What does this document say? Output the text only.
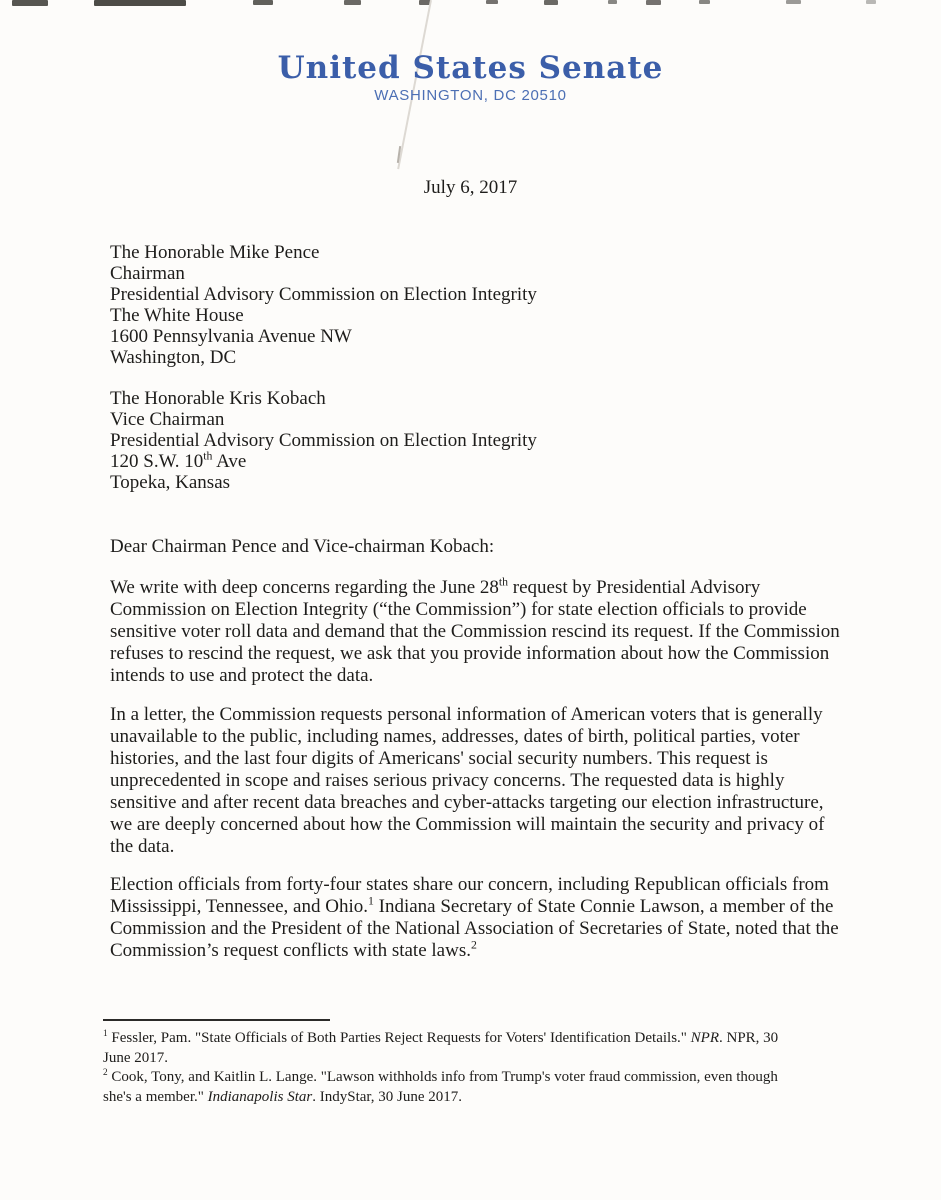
United States Senate
WASHINGTON, DC 20510
July 6, 2017
The Honorable Mike Pence
Chairman
Presidential Advisory Commission on Election Integrity
The White House
1600 Pennsylvania Avenue NW
Washington, DC
The Honorable Kris Kobach
Vice Chairman
Presidential Advisory Commission on Election Integrity
120 S.W. 10th Ave
Topeka, Kansas
Dear Chairman Pence and Vice-chairman Kobach:
We write with deep concerns regarding the June 28th request by Presidential Advisory
Commission on Election Integrity (“the Commission”) for state election officials to provide
sensitive voter roll data and demand that the Commission rescind its request. If the Commission
refuses to rescind the request, we ask that you provide information about how the Commission
intends to use and protect the data.
In a letter, the Commission requests personal information of American voters that is generally
unavailable to the public, including names, addresses, dates of birth, political parties, voter
histories, and the last four digits of Americans' social security numbers. This request is
unprecedented in scope and raises serious privacy concerns. The requested data is highly
sensitive and after recent data breaches and cyber-attacks targeting our election infrastructure,
we are deeply concerned about how the Commission will maintain the security and privacy of
the data.
Election officials from forty-four states share our concern, including Republican officials from
Mississippi, Tennessee, and Ohio.$^1$ Indiana Secretary of State Connie Lawson, a member of the
Commission and the President of the National Association of Secretaries of State, noted that the
Commission’s request conflicts with state laws.$^2$
$^1$ Fessler, Pam. "State Officials of Both Parties Reject Requests for Voters' Identification Details." NPR. NPR, 30
June 2017.
$^2$ Cook, Tony, and Kaitlin L. Lange. "Lawson withholds info from Trump's voter fraud commission, even though
she's a member." Indianapolis Star. IndyStar, 30 June 2017.
